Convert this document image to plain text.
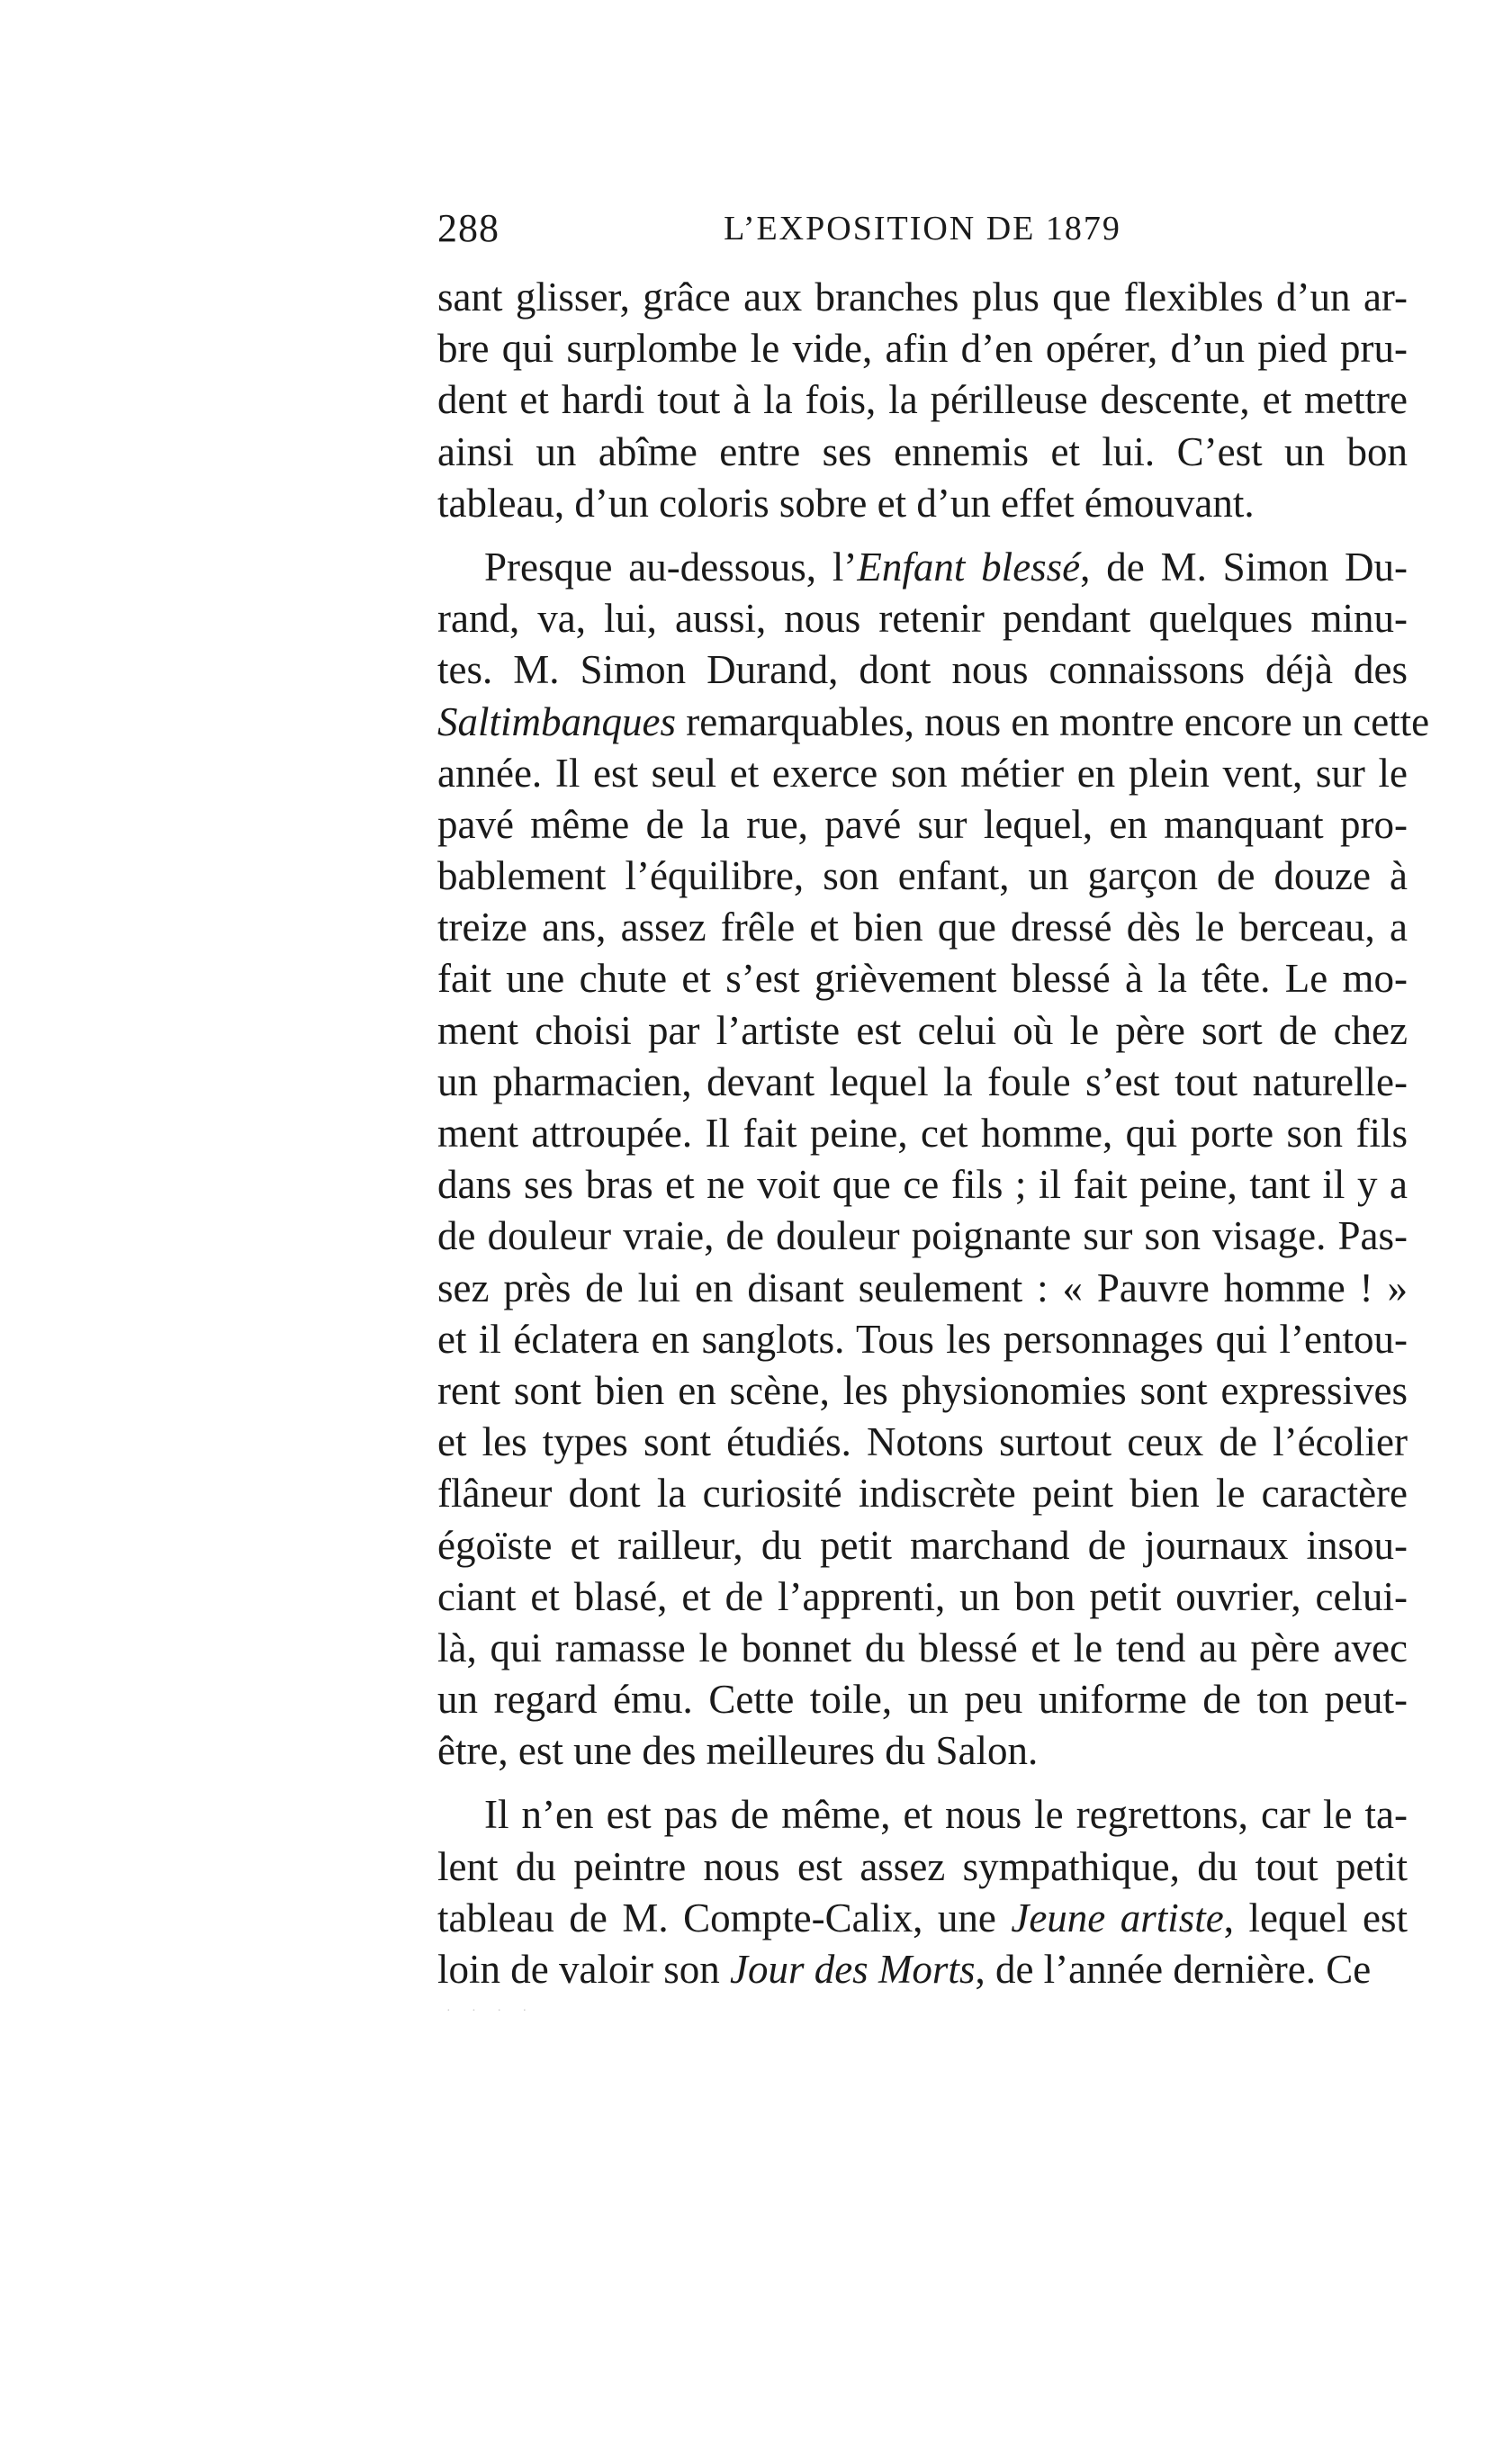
288	L’EXPOSITION DE 1879
sant glisser, grâce aux branches plus que flexibles d’un ar-
bre qui surplombe le vide, afin d’en opérer, d’un pied pru-
dent et hardi tout à la fois, la périlleuse descente, et mettre
ainsi un abîme entre ses ennemis et lui. C’est un bon
tableau, d’un coloris sobre et d’un effet émouvant.
Presque au-dessous, l’Enfant blessé, de M. Simon Du-
rand, va, lui, aussi, nous retenir pendant quelques minu-
tes. M. Simon Durand, dont nous connaissons déjà des
Saltimbanques remarquables, nous en montre encore un cette
année. Il est seul et exerce son métier en plein vent, sur le
pavé même de la rue, pavé sur lequel, en manquant pro-
bablement l’équilibre, son enfant, un garçon de douze à
treize ans, assez frêle et bien que dressé dès le berceau, a
fait une chute et s’est grièvement blessé à la tête. Le mo-
ment choisi par l’artiste est celui où le père sort de chez
un pharmacien, devant lequel la foule s’est tout naturelle-
ment attroupée. Il fait peine, cet homme, qui porte son fils
dans ses bras et ne voit que ce fils ; il fait peine, tant il y a
de douleur vraie, de douleur poignante sur son visage. Pas-
sez près de lui en disant seulement : « Pauvre homme ! »
et il éclatera en sanglots. Tous les personnages qui l’entou-
rent sont bien en scène, les physionomies sont expressives
et les types sont étudiés. Notons surtout ceux de l’écolier
flâneur dont la curiosité indiscrète peint bien le caractère
égoïste et railleur, du petit marchand de journaux insou-
ciant et blasé, et de l’apprenti, un bon petit ouvrier, celui-
là, qui ramasse le bonnet du blessé et le tend au père avec
un regard ému. Cette toile, un peu uniforme de ton peut-
être, est une des meilleures du Salon.
Il n’en est pas de même, et nous le regrettons, car le ta-
lent du peintre nous est assez sympathique, du tout petit
tableau de M. Compte-Calix, une Jeune artiste, lequel est
loin de valoir son Jour des Morts, de l’année dernière. Ce
· · · ·
